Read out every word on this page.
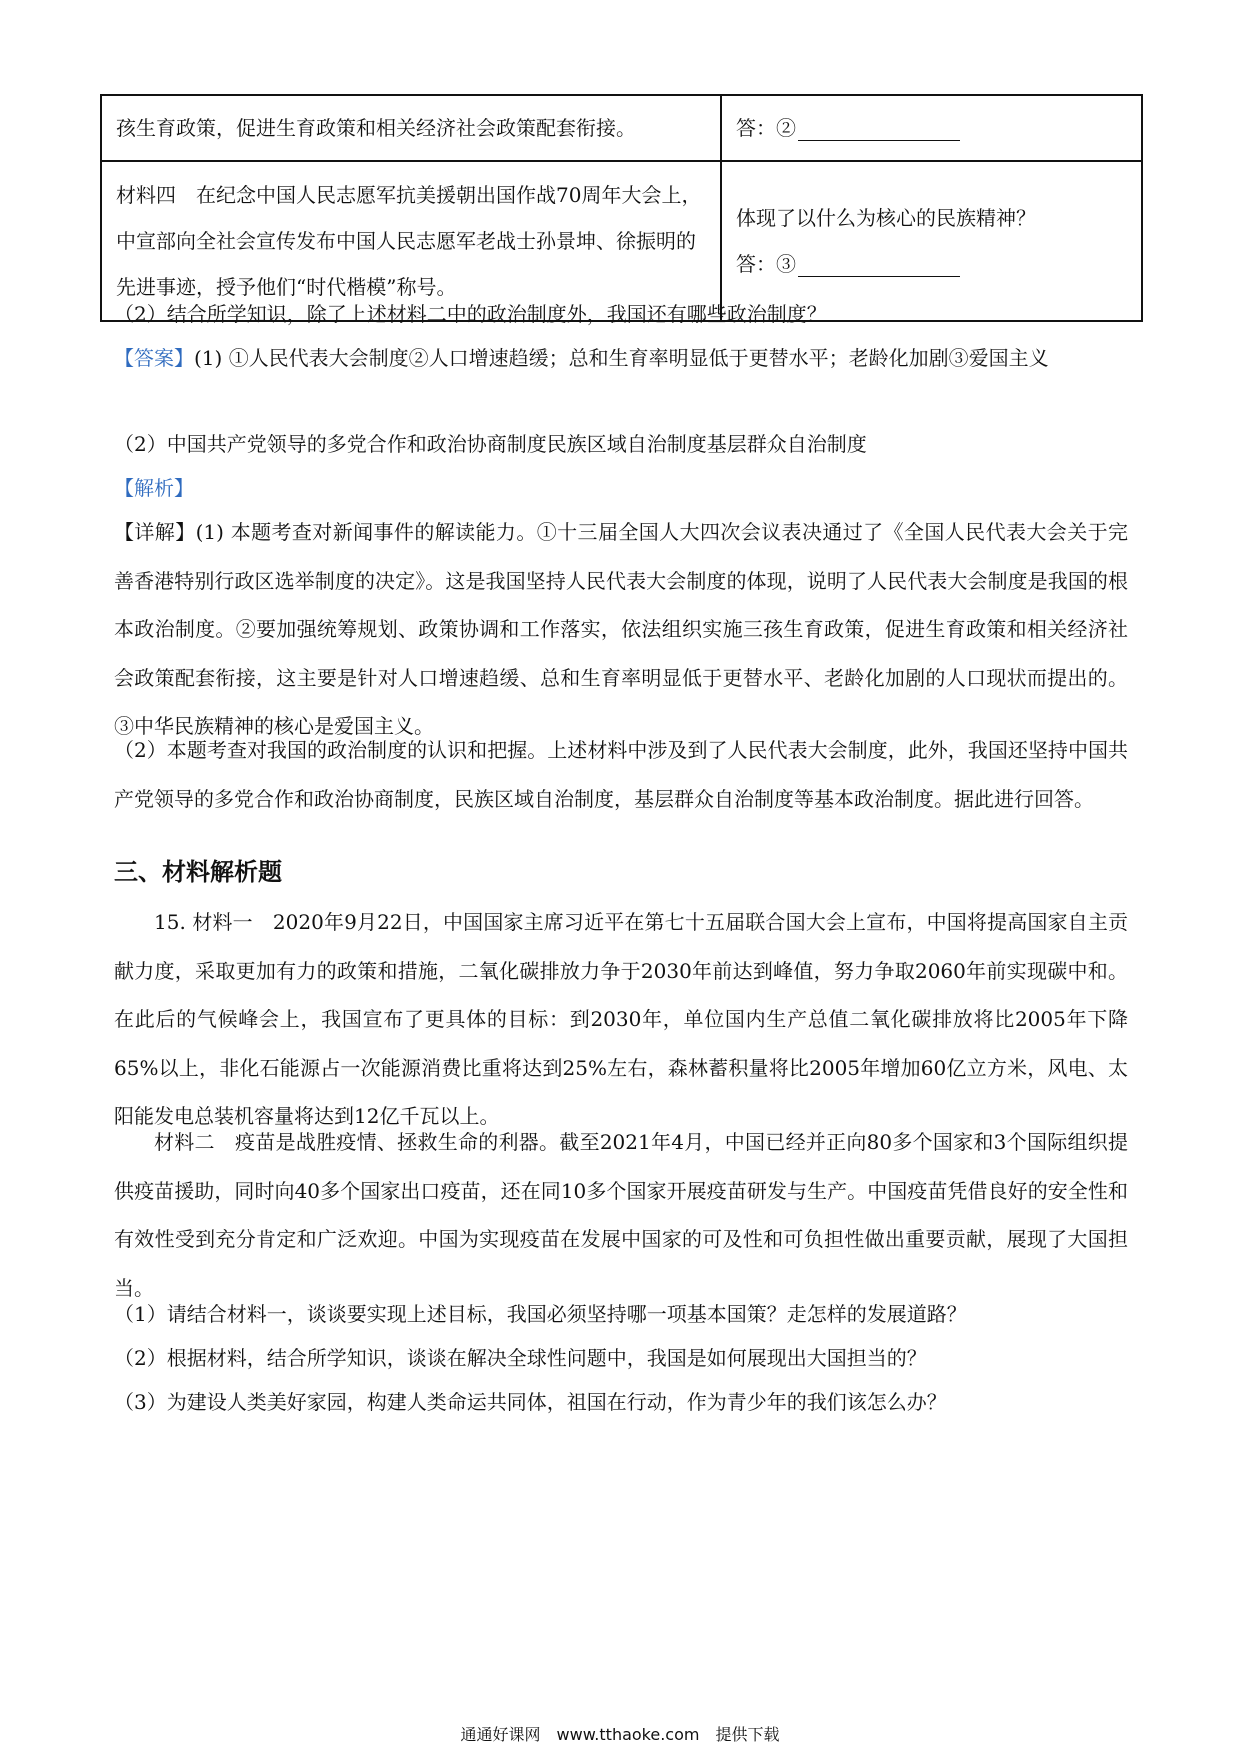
孩生育政策，促进生育政策和相关经济社会政策配套衔接。	答：②
材料四　在纪念中国人民志愿军抗美援朝出国作战70周年大会上，中宣部向全社会宣传发布中国人民志愿军老战士孙景坤、徐振明的先进事迹，授予他们“时代楷模”称号。	体现了以什么为核心的民族精神？
答：③

（2）结合所学知识，除了上述材料二中的政治制度外，我国还有哪些政治制度？

【答案】(1) ①人民代表大会制度②人口增速趋缓；总和生育率明显低于更替水平；老龄化加剧③爱国主义

（2）中国共产党领导的多党合作和政治协商制度民族区域自治制度基层群众自治制度

【解析】

【详解】(1) 本题考查对新闻事件的解读能力。①十三届全国人大四次会议表决通过了《全国人民代表大会关于完善香港特别行政区选举制度的决定》。这是我国坚持人民代表大会制度的体现，说明了人民代表大会制度是我国的根本政治制度。②要加强统筹规划、政策协调和工作落实，依法组织实施三孩生育政策，促进生育政策和相关经济社会政策配套衔接，这主要是针对人口增速趋缓、总和生育率明显低于更替水平、老龄化加剧的人口现状而提出的。③中华民族精神的核心是爱国主义。

（2）本题考查对我国的政治制度的认识和把握。上述材料中涉及到了人民代表大会制度，此外，我国还坚持中国共产党领导的多党合作和政治协商制度，民族区域自治制度，基层群众自治制度等基本政治制度。据此进行回答。

三、材料解析题

15. 材料一　2020年9月22日，中国国家主席习近平在第七十五届联合国大会上宣布，中国将提高国家自主贡献力度，采取更加有力的政策和措施，二氧化碳排放力争于2030年前达到峰值，努力争取2060年前实现碳中和。在此后的气候峰会上，我国宣布了更具体的目标：到2030年，单位国内生产总值二氧化碳排放将比2005年下降65%以上，非化石能源占一次能源消费比重将达到25%左右，森林蓄积量将比2005年增加60亿立方米，风电、太阳能发电总装机容量将达到12亿千瓦以上。

材料二　疫苗是战胜疫情、拯救生命的利器。截至2021年4月，中国已经并正向80多个国家和3个国际组织提供疫苗援助，同时向40多个国家出口疫苗，还在同10多个国家开展疫苗研发与生产。中国疫苗凭借良好的安全性和有效性受到充分肯定和广泛欢迎。中国为实现疫苗在发展中国家的可及性和可负担性做出重要贡献，展现了大国担当。

（1）请结合材料一，谈谈要实现上述目标，我国必须坚持哪一项基本国策？走怎样的发展道路？

（2）根据材料，结合所学知识，谈谈在解决全球性问题中，我国是如何展现出大国担当的？

（3）为建设人类美好家园，构建人类命运共同体，祖国在行动，作为青少年的我们该怎么办？

通通好课网　www.tthaoke.com　提供下载
